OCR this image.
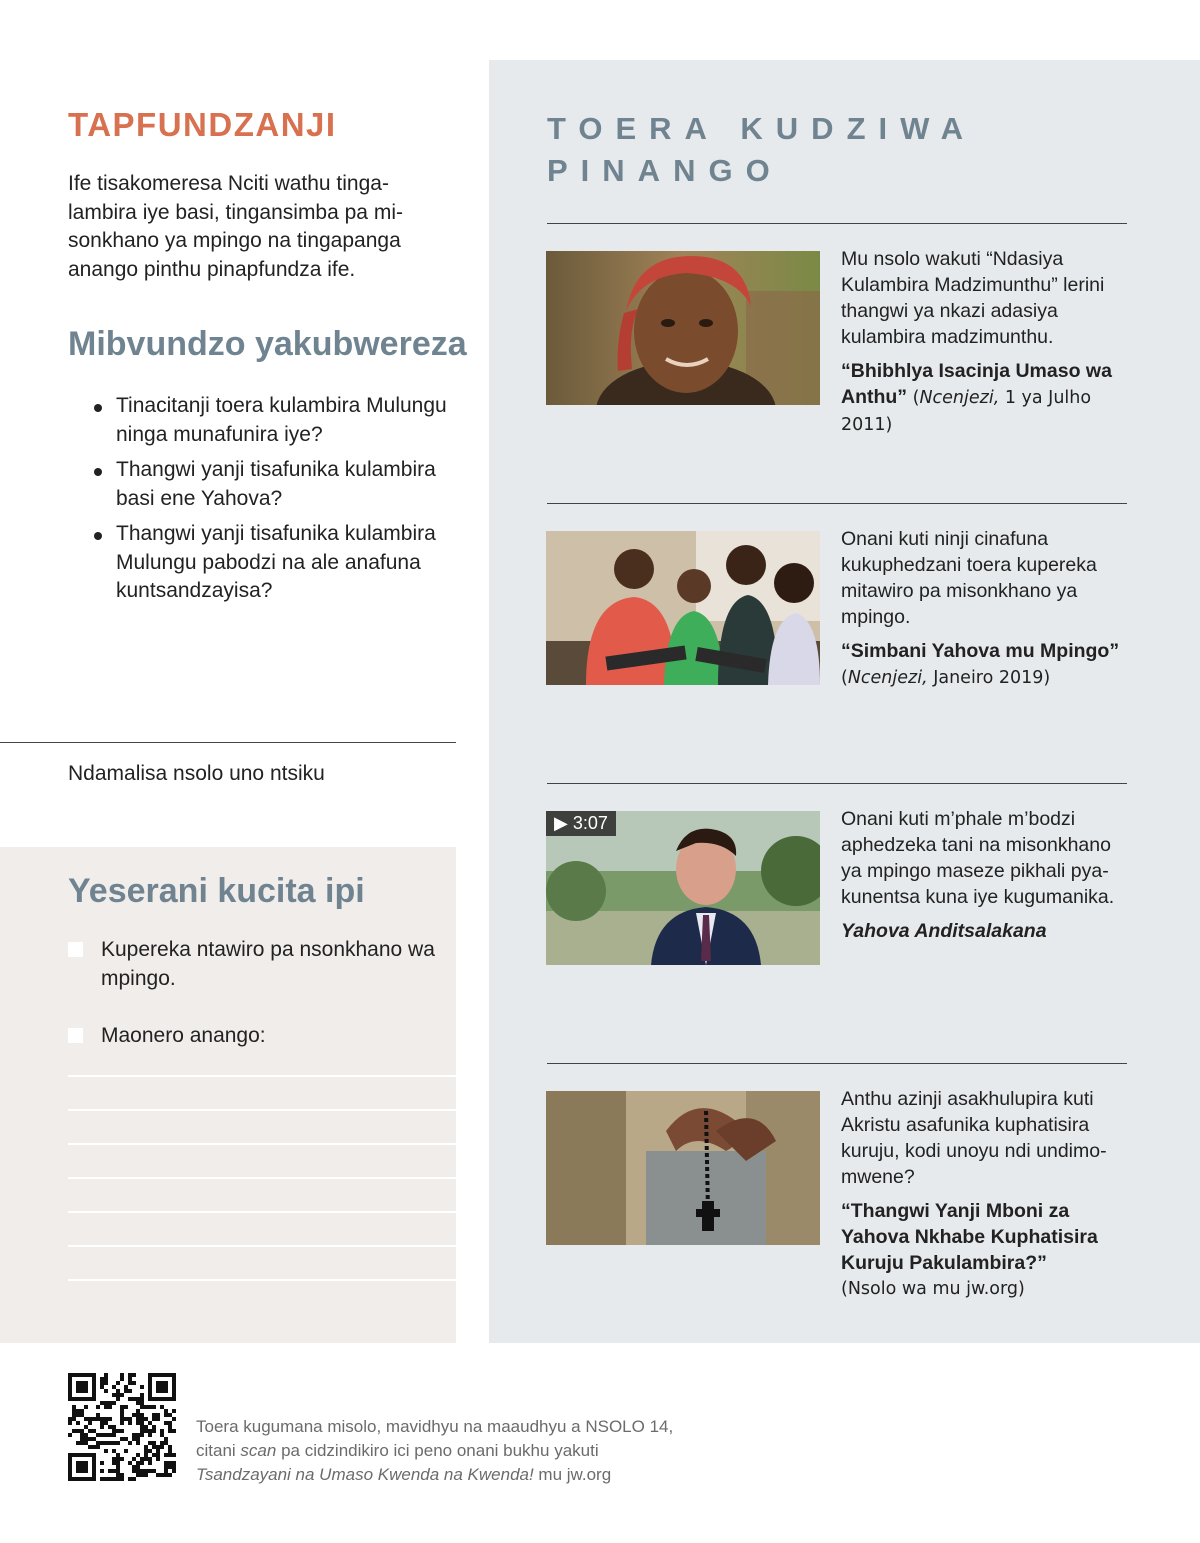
TAPFUNDZANJI

Ife tisakomeresa Nciti wathu tingalambira iye basi, tingansimba pa misonkhano ya mpingo na tingapanga anango pinthu pinapfundza ife.

Mibvundzo yakubwereza
Tinacitanji toera kulambira Mulungu ninga munafunira iye?
Thangwi yanji tisafunika kulambira basi ene Yahova?
Thangwi yanji tisafunika kulambira Mulungu pabodzi na ale anafuna kuntsandzayisa?
Ndamalisa nsolo uno ntsiku
Yeserani kucita ipi
Kupereka ntawiro pa nsonkhano wa mpingo.
Maonero anango:
TOERA KUDZIWA
PINANGO

Mu nsolo wakuti “Ndasiya Kulambira Madzimunthu” lerini thangwi ya nkazi adasiya kulambira madzimunthu.

“Bhibhlya Isacinja Umaso wa Anthu” (Ncenjezi, 1 ya Julho 2011)

Onani kuti ninji cinafuna kukuphedzani toera kupereka mitawiro pa misonkhano ya mpingo.

“Simbani Yahova mu Mpingo”
(Ncenjezi, Janeiro 2019)

▶ 3:07	Onani kuti m’phale m’bodzi aphedzeka tani na misonkhano ya mpingo maseze pikhali pyakunentsa kuna iye kugumanika.

Yahova Anditsalakana

Anthu azinji asakhulupira kuti Akristu asafunika kuphatisira kuruju, kodi unoyu ndi undimomwene?

“Thangwi Yanji Mboni za Yahova Nkhabe Kuphatisira Kuruju Pakulambira?”

(Nsolo wa mu jw.org)

Toera kugumana misolo, mavidhyu na maaudhyu a NSOLO 14,
citani scan pa cidzindikiro ici peno onani bukhu yakuti
Tsandzayani na Umaso Kwenda na Kwenda! mu jw.org
